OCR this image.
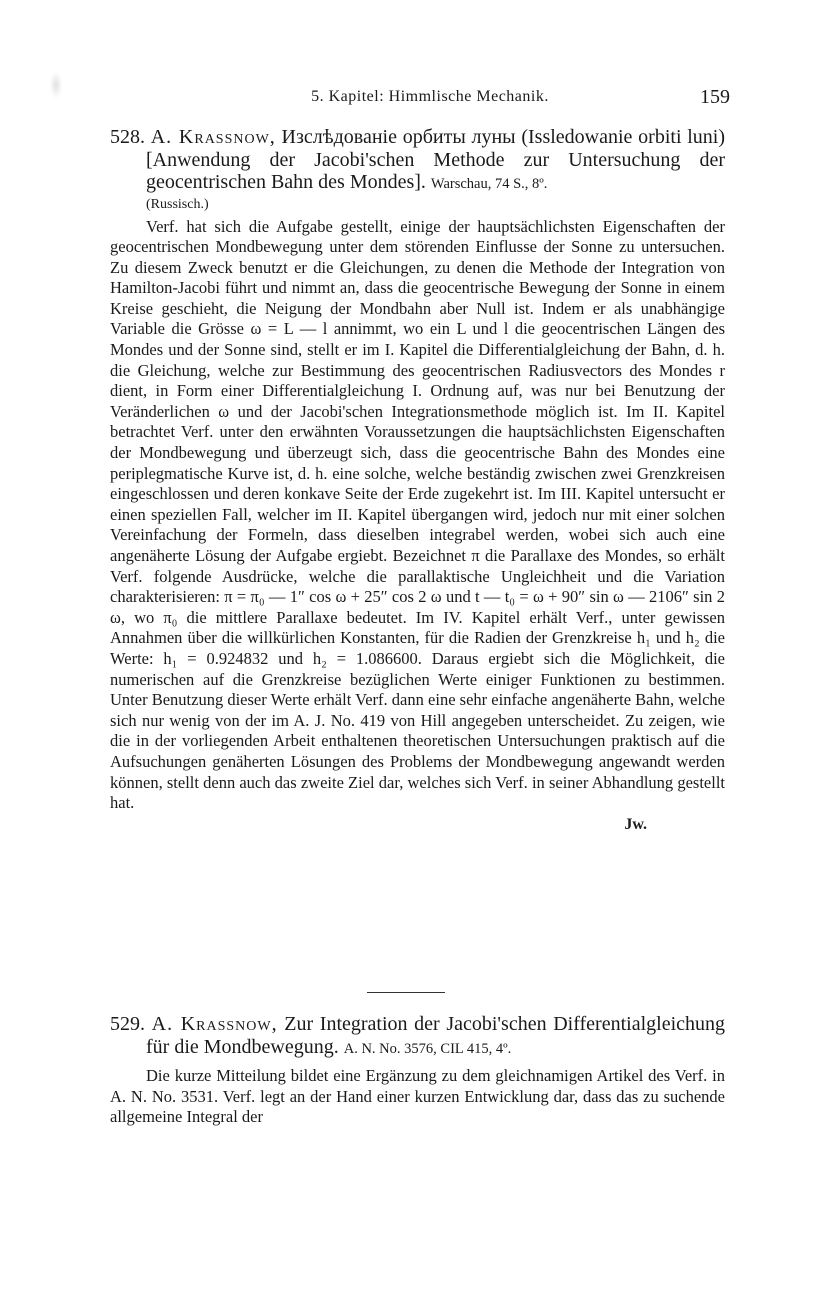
5. Kapitel: Himmlische Mechanik.	159

528. A. Krassnow, Изслѣдованіе орбиты луны (Issledowanie orbiti luni) [Anwendung der Jacobi'schen Methode zur Untersuchung der geocentrischen Bahn des Mondes]. Warschau, 74 S., 8º.

(Russisch.)

Verf. hat sich die Aufgabe gestellt, einige der hauptsächlichsten Eigenschaften der geocentrischen Mondbewegung unter dem störenden Einflusse der Sonne zu untersuchen. Zu diesem Zweck benutzt er die Gleichungen, zu denen die Methode der Integration von Hamilton-Jacobi führt und nimmt an, dass die geocentrische Bewegung der Sonne in einem Kreise geschieht, die Neigung der Mondbahn aber Null ist. Indem er als unabhängige Variable die Grösse ω = L — l annimmt, wo ein L und l die geocentrischen Längen des Mondes und der Sonne sind, stellt er im I. Kapitel die Differentialgleichung der Bahn, d. h. die Gleichung, welche zur Bestimmung des geocentrischen Radiusvectors des Mondes r dient, in Form einer Differentialgleichung I. Ordnung auf, was nur bei Benutzung der Veränderlichen ω und der Jacobi'schen Integrationsmethode möglich ist. Im II. Kapitel betrachtet Verf. unter den erwähnten Voraussetzungen die hauptsächlichsten Eigenschaften der Mondbewegung und überzeugt sich, dass die geocentrische Bahn des Mondes eine periplegmatische Kurve ist, d. h. eine solche, welche beständig zwischen zwei Grenzkreisen eingeschlossen und deren konkave Seite der Erde zugekehrt ist. Im III. Kapitel untersucht er einen speziellen Fall, welcher im II. Kapitel übergangen wird, jedoch nur mit einer solchen Vereinfachung der Formeln, dass dieselben integrabel werden, wobei sich auch eine angenäherte Lösung der Aufgabe ergiebt. Bezeichnet π die Parallaxe des Mondes, so erhält Verf. folgende Ausdrücke, welche die parallaktische Ungleichheit und die Variation charakterisieren: π = π₀ — 1″ cos ω + 25″ cos 2 ω und t — t₀ = ω + 90″ sin ω — 2106″ sin 2 ω, wo π₀ die mittlere Parallaxe bedeutet. Im IV. Kapitel erhält Verf., unter gewissen Annahmen über die willkürlichen Konstanten, für die Radien der Grenzkreise h₁ und h₂ die Werte: h₁ = 0.924832 und h₂ = 1.086600. Daraus ergiebt sich die Möglichkeit, die numerischen auf die Grenzkreise bezüglichen Werte einiger Funktionen zu bestimmen. Unter Benutzung dieser Werte erhält Verf. dann eine sehr einfache angenäherte Bahn, welche sich nur wenig von der im A. J. No. 419 von Hill angegeben unterscheidet. Zu zeigen, wie die in der vorliegenden Arbeit enthaltenen theoretischen Untersuchungen praktisch auf die Aufsuchungen genäherten Lösungen des Problems der Mondbewegung angewandt werden können, stellt denn auch das zweite Ziel dar, welches sich Verf. in seiner Abhandlung gestellt hat.

Jw.

529. A. Krassnow, Zur Integration der Jacobi'schen Differentialgleichung für die Mondbewegung. A. N. No. 3576, CIL 415, 4º.

Die kurze Mitteilung bildet eine Ergänzung zu dem gleichnamigen Artikel des Verf. in A. N. No. 3531. Verf. legt an der Hand einer kurzen Entwicklung dar, dass das zu suchende allgemeine Integral der
